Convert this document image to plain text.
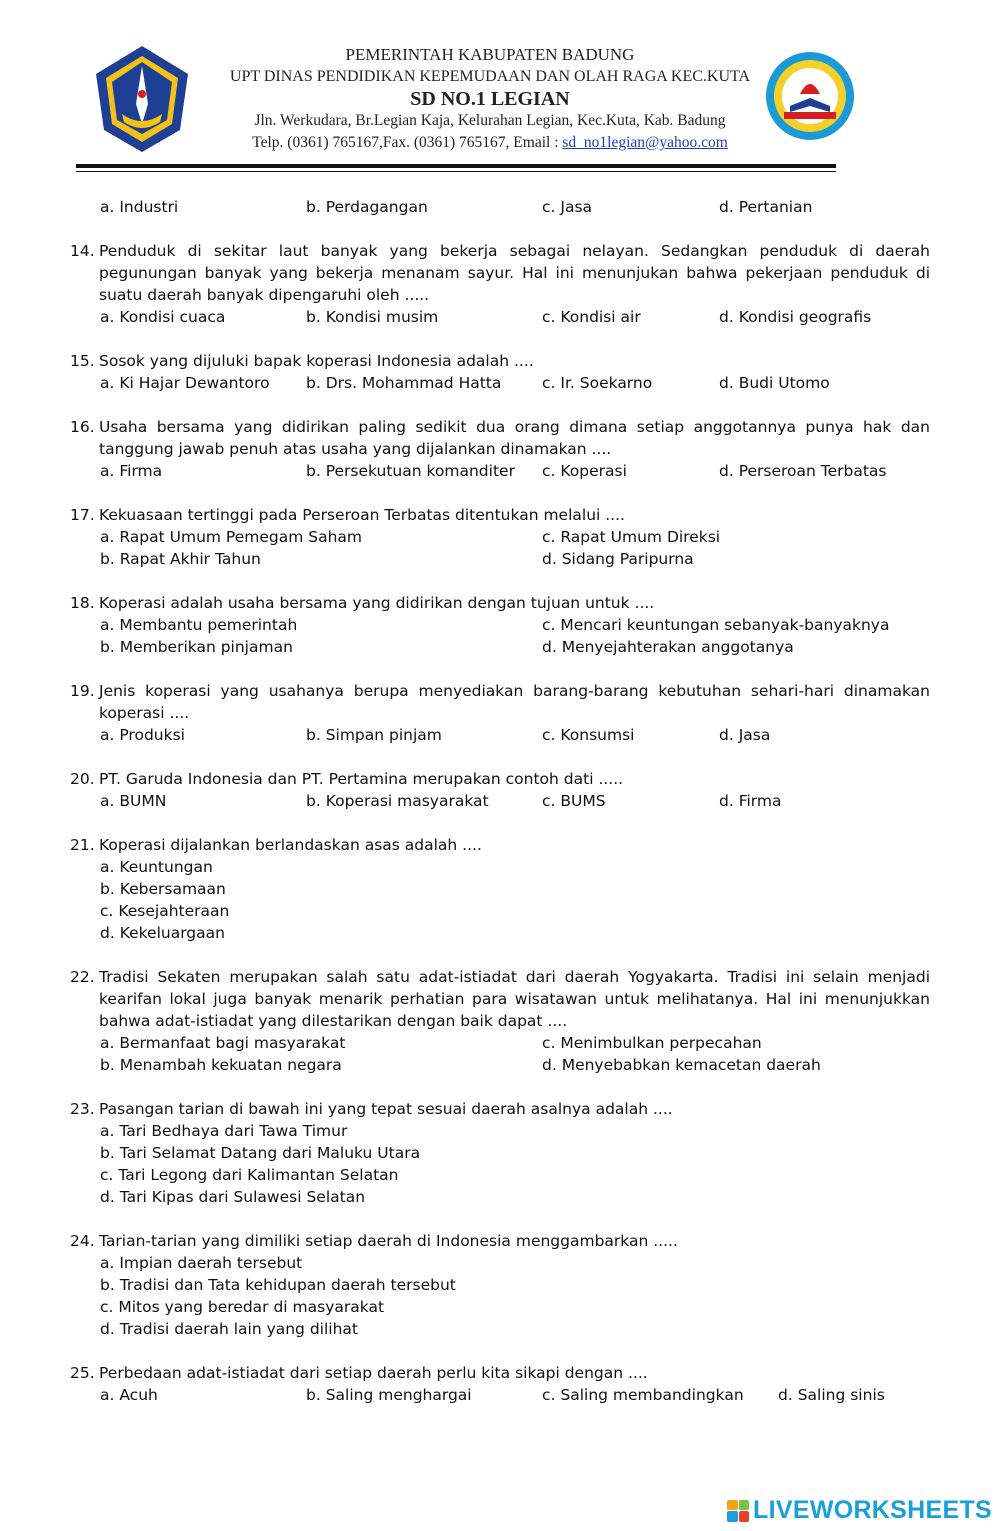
PEMERINTAH KABUPATEN BADUNG
UPT DINAS PENDIDIKAN KEPEMUDAAN DAN OLAH RAGA KEC.KUTA
SD NO.1 LEGIAN
Jln. Werkudara, Br.Legian Kaja, Kelurahan Legian, Kec.Kuta, Kab. Badung
Telp. (0361) 765167,Fax. (0361) 765167, Email : sd_no1legian@yahoo.com
a. Industri	b. Perdagangan	c. Jasa	d. Pertanian
14. Penduduk di sekitar laut banyak yang bekerja sebagai nelayan. Sedangkan penduduk di daerah pegunungan banyak yang bekerja menanam sayur. Hal ini menunjukan bahwa pekerjaan penduduk di suatu daerah banyak dipengaruhi oleh .....
a. Kondisi cuaca	b. Kondisi musim	c. Kondisi air	d. Kondisi geografis
15. Sosok yang dijuluki bapak koperasi Indonesia adalah ....
a. Ki Hajar Dewantoro	b. Drs. Mohammad Hatta	c. Ir. Soekarno	d. Budi Utomo
16. Usaha bersama yang didirikan paling sedikit dua orang dimana setiap anggotannya punya hak dan tanggung jawab penuh atas usaha yang dijalankan dinamakan ....
a. Firma	b. Persekutuan komanditer	c. Koperasi	d. Perseroan Terbatas
17. Kekuasaan tertinggi pada Perseroan Terbatas ditentukan melalui ....
a. Rapat Umum Pemegam Saham	c. Rapat Umum Direksi
b. Rapat Akhir Tahun	d. Sidang Paripurna
18. Koperasi adalah usaha bersama yang didirikan dengan tujuan untuk ....
a. Membantu pemerintah	c. Mencari keuntungan sebanyak-banyaknya
b. Memberikan pinjaman	d. Menyejahterakan anggotanya
19. Jenis koperasi yang usahanya berupa menyediakan barang-barang kebutuhan sehari-hari dinamakan koperasi ....
a. Produksi	b. Simpan pinjam	c. Konsumsi	d. Jasa
20. PT. Garuda Indonesia dan PT. Pertamina merupakan contoh dati .....
a. BUMN	b. Koperasi masyarakat	c. BUMS	d. Firma
21. Koperasi dijalankan berlandaskan asas adalah ....
a. Keuntungan
b. Kebersamaan
c. Kesejahteraan
d. Kekeluargaan
22. Tradisi Sekaten merupakan salah satu adat-istiadat dari daerah Yogyakarta. Tradisi ini selain menjadi kearifan lokal juga banyak menarik perhatian para wisatawan untuk melihatanya. Hal ini menunjukkan bahwa adat-istiadat yang dilestarikan dengan baik dapat ....
a. Bermanfaat bagi masyarakat	c. Menimbulkan perpecahan
b. Menambah kekuatan negara	d. Menyebabkan kemacetan daerah
23. Pasangan tarian di bawah ini yang tepat sesuai daerah asalnya adalah ....
a. Tari Bedhaya dari Tawa Timur
b. Tari Selamat Datang dari Maluku Utara
c. Tari Legong dari Kalimantan Selatan
d. Tari Kipas dari Sulawesi Selatan
24. Tarian-tarian yang dimiliki setiap daerah di Indonesia menggambarkan .....
a. Impian daerah tersebut
b. Tradisi dan Tata kehidupan daerah tersebut
c. Mitos yang beredar di masyarakat
d. Tradisi daerah lain yang dilihat
25. Perbedaan adat-istiadat dari setiap daerah perlu kita sikapi dengan ....
a. Acuh	b. Saling menghargai	c. Saling membandingkan	d. Saling sinis
LIVEWORKSHEETS
